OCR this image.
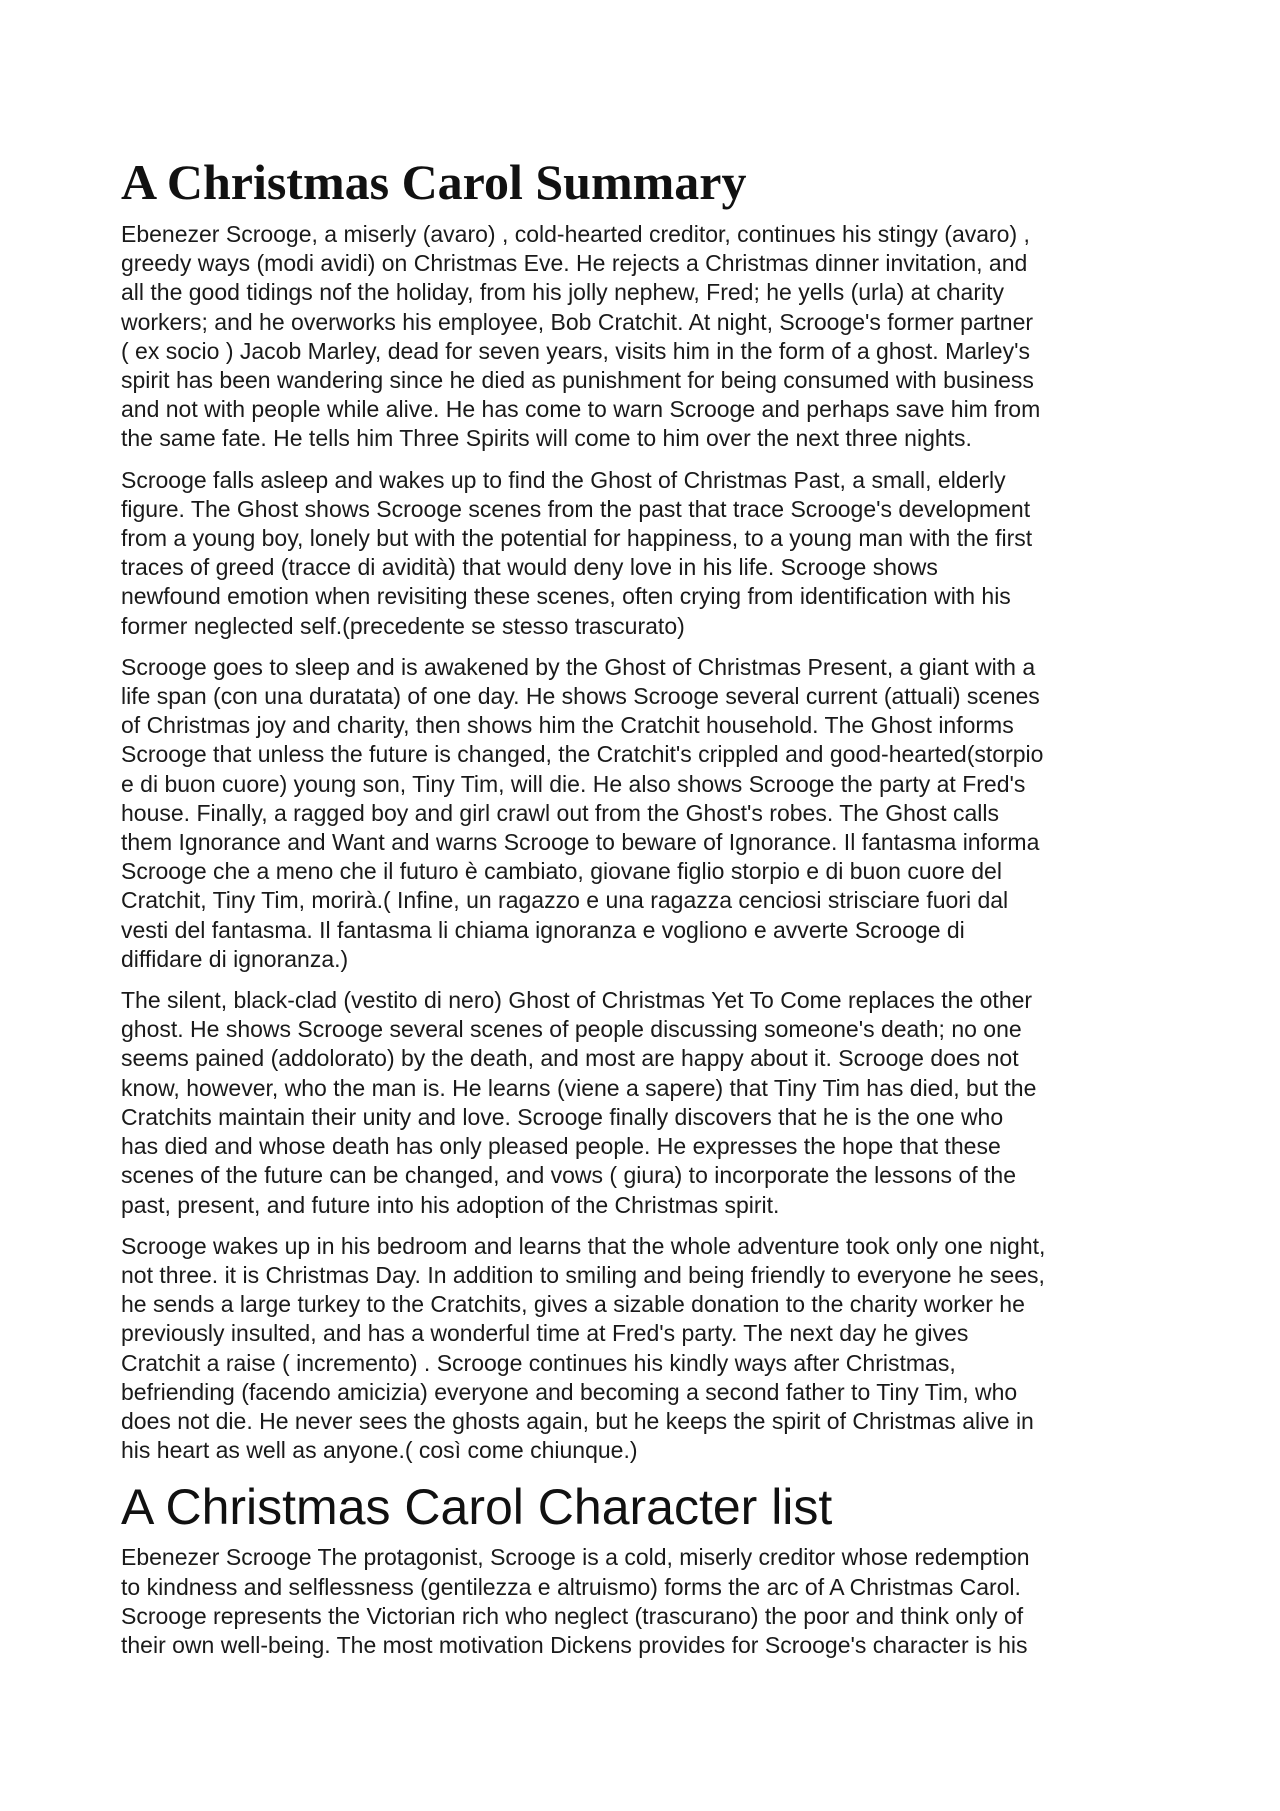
A Christmas Carol Summary

Ebenezer Scrooge, a miserly (avaro) , cold-hearted creditor, continues his stingy (avaro) ,
greedy ways (modi avidi) on Christmas Eve. He rejects a Christmas dinner invitation, and
all the good tidings nof the holiday, from his jolly nephew, Fred; he yells (urla) at charity
workers; and he overworks his employee, Bob Cratchit. At night, Scrooge's former partner
( ex socio ) Jacob Marley, dead for seven years, visits him in the form of a ghost. Marley's
spirit has been wandering since he died as punishment for being consumed with business
and not with people while alive. He has come to warn Scrooge and perhaps save him from
the same fate. He tells him Three Spirits will come to him over the next three nights.

Scrooge falls asleep and wakes up to find the Ghost of Christmas Past, a small, elderly
figure. The Ghost shows Scrooge scenes from the past that trace Scrooge's development
from a young boy, lonely but with the potential for happiness, to a young man with the first
traces of greed (tracce di avidità) that would deny love in his life. Scrooge shows
newfound emotion when revisiting these scenes, often crying from identification with his
former neglected self.(precedente se stesso trascurato)

Scrooge goes to sleep and is awakened by the Ghost of Christmas Present, a giant with a
life span (con una duratata) of one day. He shows Scrooge several current (attuali) scenes
of Christmas joy and charity, then shows him the Cratchit household. The Ghost informs
Scrooge that unless the future is changed, the Cratchit's crippled and good-hearted(storpio
e di buon cuore) young son, Tiny Tim, will die. He also shows Scrooge the party at Fred's
house. Finally, a ragged boy and girl crawl out from the Ghost's robes. The Ghost calls
them Ignorance and Want and warns Scrooge to beware of Ignorance. Il fantasma informa
Scrooge che a meno che il futuro è cambiato, giovane figlio storpio e di buon cuore del
Cratchit, Tiny Tim, morirà.( Infine, un ragazzo e una ragazza cenciosi strisciare fuori dal
vesti del fantasma. Il fantasma li chiama ignoranza e vogliono e avverte Scrooge di
diffidare di ignoranza.)

The silent, black-clad (vestito di nero) Ghost of Christmas Yet To Come replaces the other
ghost. He shows Scrooge several scenes of people discussing someone's death; no one
seems pained (addolorato) by the death, and most are happy about it. Scrooge does not
know, however, who the man is. He learns (viene a sapere) that Tiny Tim has died, but the
Cratchits maintain their unity and love. Scrooge finally discovers that he is the one who
has died and whose death has only pleased people. He expresses the hope that these
scenes of the future can be changed, and vows ( giura) to incorporate the lessons of the
past, present, and future into his adoption of the Christmas spirit.

Scrooge wakes up in his bedroom and learns that the whole adventure took only one night,
not three. it is Christmas Day. In addition to smiling and being friendly to everyone he sees,
he sends a large turkey to the Cratchits, gives a sizable donation to the charity worker he
previously insulted, and has a wonderful time at Fred's party. The next day he gives
Cratchit a raise ( incremento) . Scrooge continues his kindly ways after Christmas,
befriending (facendo amicizia) everyone and becoming a second father to Tiny Tim, who
does not die. He never sees the ghosts again, but he keeps the spirit of Christmas alive in
his heart as well as anyone.( così come chiunque.)

A Christmas Carol Character list

Ebenezer Scrooge The protagonist, Scrooge is a cold, miserly creditor whose redemption
to kindness and selflessness (gentilezza e altruismo) forms the arc of A Christmas Carol.
Scrooge represents the Victorian rich who neglect (trascurano) the poor and think only of
their own well-being. The most motivation Dickens provides for Scrooge's character is his
